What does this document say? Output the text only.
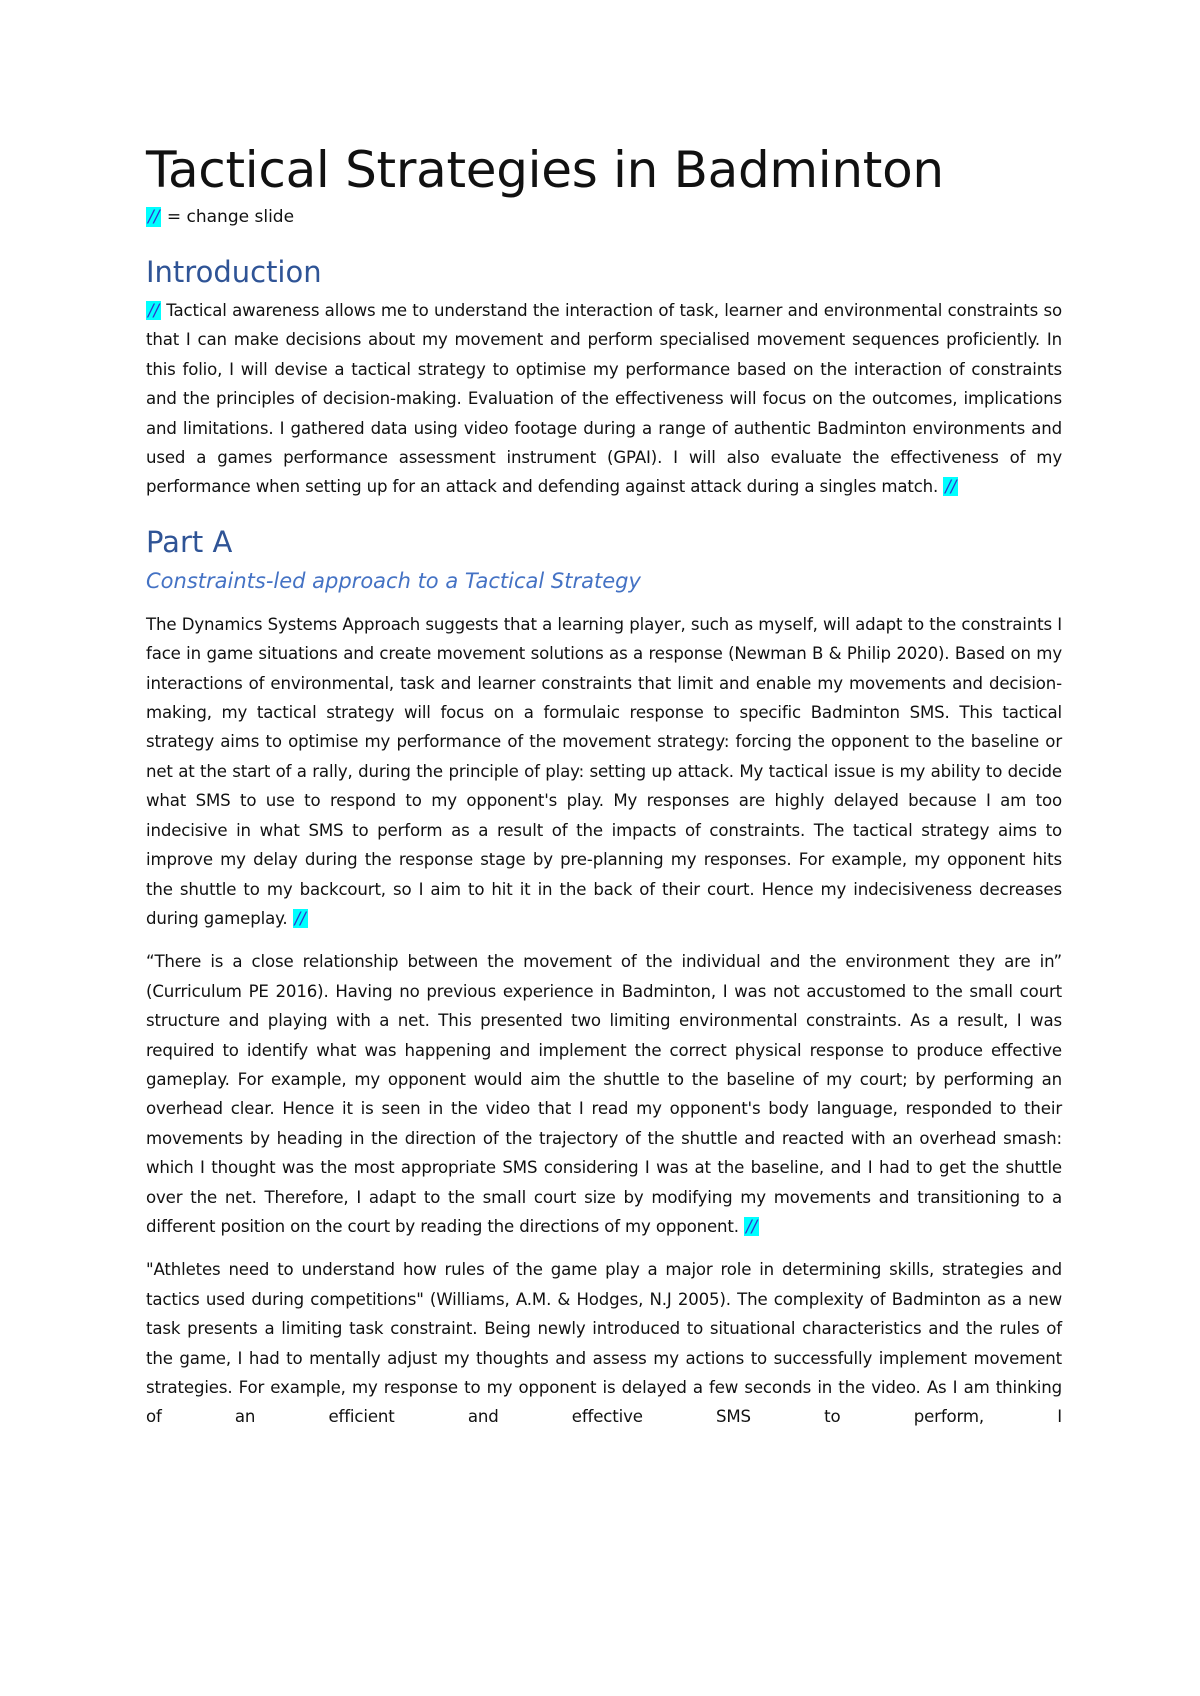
Tactical Strategies in Badminton

// = change slide

Introduction

// Tactical awareness allows me to understand the interaction of task, learner and environmental constraints so that I can make decisions about my movement and perform specialised movement sequences proficiently. In this folio, I will devise a tactical strategy to optimise my performance based on the interaction of constraints and the principles of decision-making. Evaluation of the effectiveness will focus on the outcomes, implications and limitations. I gathered data using video footage during a range of authentic Badminton environments and used a games performance assessment instrument (GPAI). I will also evaluate the effectiveness of my performance when setting up for an attack and defending against attack during a singles match. //

Part A
Constraints-led approach to a Tactical Strategy

The Dynamics Systems Approach suggests that a learning player, such as myself, will adapt to the constraints I face in game situations and create movement solutions as a response (Newman B & Philip 2020). Based on my interactions of environmental, task and learner constraints that limit and enable my movements and decision-making, my tactical strategy will focus on a formulaic response to specific Badminton SMS. This tactical strategy aims to optimise my performance of the movement strategy: forcing the opponent to the baseline or net at the start of a rally, during the principle of play: setting up attack. My tactical issue is my ability to decide what SMS to use to respond to my opponent's play. My responses are highly delayed because I am too indecisive in what SMS to perform as a result of the impacts of constraints. The tactical strategy aims to improve my delay during the response stage by pre-planning my responses. For example, my opponent hits the shuttle to my backcourt, so I aim to hit it in the back of their court. Hence my indecisiveness decreases during gameplay. //

“There is a close relationship between the movement of the individual and the environment they are in” (Curriculum PE 2016). Having no previous experience in Badminton, I was not accustomed to the small court structure and playing with a net. This presented two limiting environmental constraints. As a result, I was required to identify what was happening and implement the correct physical response to produce effective gameplay. For example, my opponent would aim the shuttle to the baseline of my court; by performing an overhead clear. Hence it is seen in the video that I read my opponent's body language, responded to their movements by heading in the direction of the trajectory of the shuttle and reacted with an overhead smash: which I thought was the most appropriate SMS considering I was at the baseline, and I had to get the shuttle over the net. Therefore, I adapt to the small court size by modifying my movements and transitioning to a different position on the court by reading the directions of my opponent. //

"Athletes need to understand how rules of the game play a major role in determining skills, strategies and tactics used during competitions" (Williams, A.M. & Hodges, N.J 2005). The complexity of Badminton as a new task presents a limiting task constraint. Being newly introduced to situational characteristics and the rules of the game, I had to mentally adjust my thoughts and assess my actions to successfully implement movement strategies. For example, my response to my opponent is delayed a few seconds in the video. As I am thinking of an efficient and effective SMS to perform, I
